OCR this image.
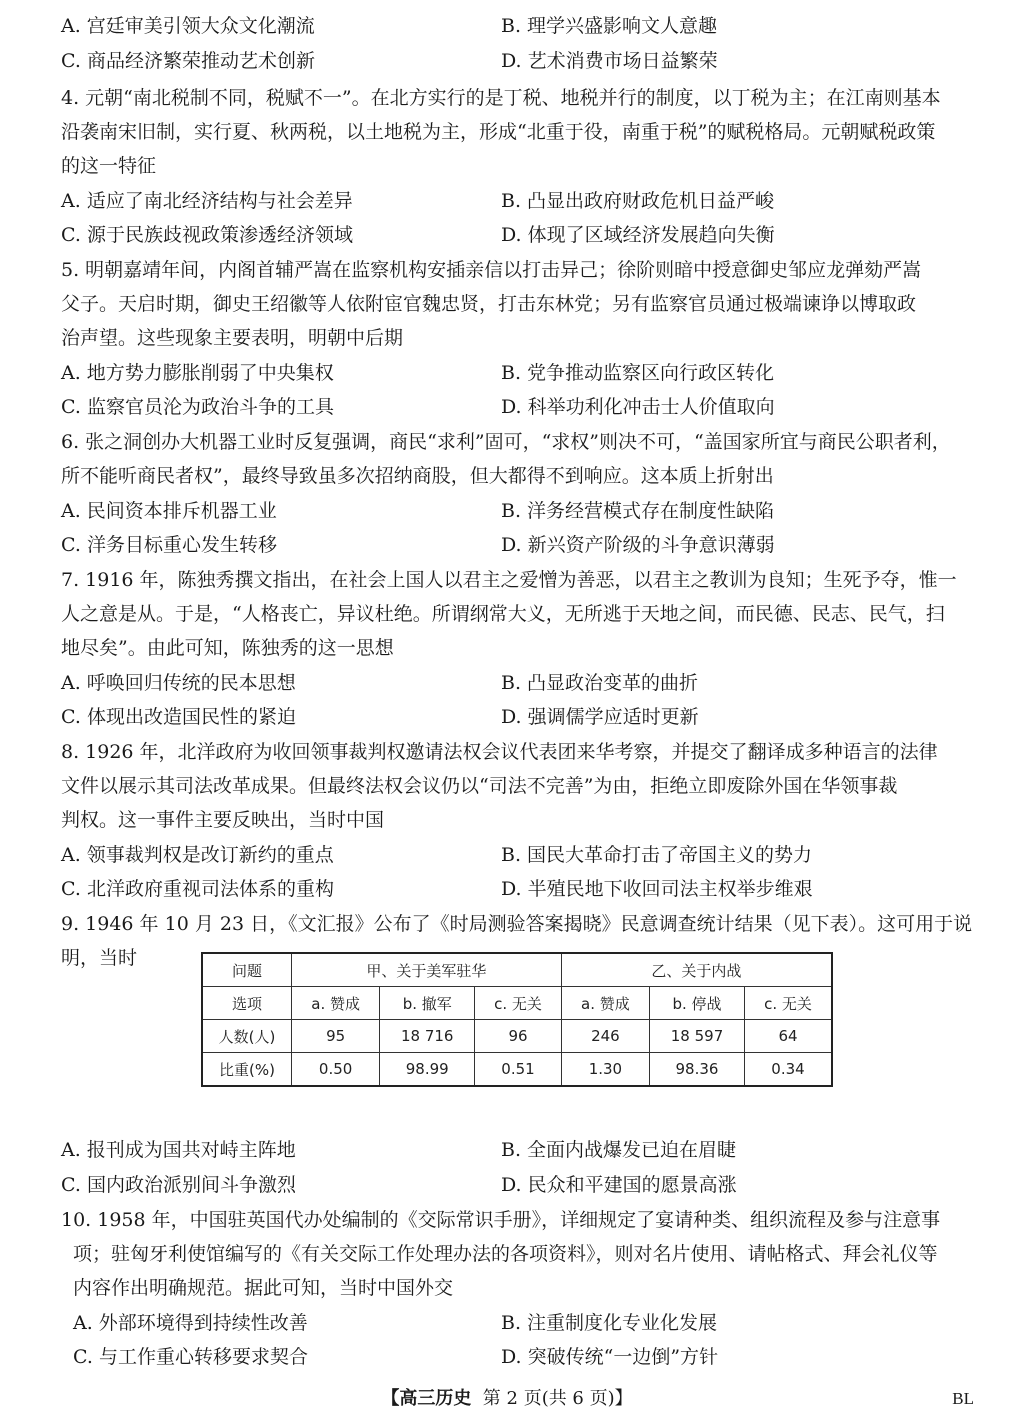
A. 宫廷审美引领大众文化潮流	B. 理学兴盛影响文人意趣
C. 商品经济繁荣推动艺术创新	D. 艺术消费市场日益繁荣
4. 元朝“南北税制不同，税赋不一”。在北方实行的是丁税、地税并行的制度，以丁税为主；在江南则基本
沿袭南宋旧制，实行夏、秋两税，以土地税为主，形成“北重于役，南重于税”的赋税格局。元朝赋税政策
的这一特征
A. 适应了南北经济结构与社会差异	B. 凸显出政府财政危机日益严峻
C. 源于民族歧视政策渗透经济领域	D. 体现了区域经济发展趋向失衡
5. 明朝嘉靖年间，内阁首辅严嵩在监察机构安插亲信以打击异己；徐阶则暗中授意御史邹应龙弹劾严嵩
父子。天启时期，御史王绍徽等人依附宦官魏忠贤，打击东林党；另有监察官员通过极端谏诤以博取政
治声望。这些现象主要表明，明朝中后期
A. 地方势力膨胀削弱了中央集权	B. 党争推动监察区向行政区转化
C. 监察官员沦为政治斗争的工具	D. 科举功利化冲击士人价值取向
6. 张之洞创办大机器工业时反复强调，商民“求利”固可，“求权”则决不可，“盖国家所宜与商民公职者利，
所不能听商民者权”，最终导致虽多次招纳商股，但大都得不到响应。这本质上折射出
A. 民间资本排斥机器工业	B. 洋务经营模式存在制度性缺陷
C. 洋务目标重心发生转移	D. 新兴资产阶级的斗争意识薄弱
7. 1916 年，陈独秀撰文指出，在社会上国人以君主之爱憎为善恶，以君主之教训为良知；生死予夺，惟一
人之意是从。于是，“人格丧亡，异议杜绝。所谓纲常大义，无所逃于天地之间，而民德、民志、民气，扫
地尽矣”。由此可知，陈独秀的这一思想
A. 呼唤回归传统的民本思想	B. 凸显政治变革的曲折
C. 体现出改造国民性的紧迫	D. 强调儒学应适时更新
8. 1926 年，北洋政府为收回领事裁判权邀请法权会议代表团来华考察，并提交了翻译成多种语言的法律
文件以展示其司法改革成果。但最终法权会议仍以“司法不完善”为由，拒绝立即废除外国在华领事裁
判权。这一事件主要反映出，当时中国
A. 领事裁判权是改订新约的重点	B. 国民大革命打击了帝国主义的势力
C. 北洋政府重视司法体系的重构	D. 半殖民地下收回司法主权举步维艰
9. 1946 年 10 月 23 日，《文汇报》公布了《时局测验答案揭晓》民意调查统计结果（见下表）。这可用于说
明，当时
问题	甲、关于美军驻华			乙、关于内战		
选项	a. 赞成	b. 撤军	c. 无关	a. 赞成	b. 停战	c. 无关
人数(人)	95	18 716	96	246	18 597	64
比重(%)	0.50	98.99	0.51	1.30	98.36	0.34
A. 报刊成为国共对峙主阵地	B. 全面内战爆发已迫在眉睫
C. 国内政治派别间斗争激烈	D. 民众和平建国的愿景高涨
10. 1958 年，中国驻英国代办处编制的《交际常识手册》，详细规定了宴请种类、组织流程及参与注意事
项；驻匈牙利使馆编写的《有关交际工作处理办法的各项资料》，则对名片使用、请帖格式、拜会礼仪等
内容作出明确规范。据此可知，当时中国外交
A. 外部环境得到持续性改善	B. 注重制度化专业化发展
C. 与工作重心转移要求契合	D. 突破传统“一边倒”方针
【高三历史 第 2 页(共 6 页)】	BL
